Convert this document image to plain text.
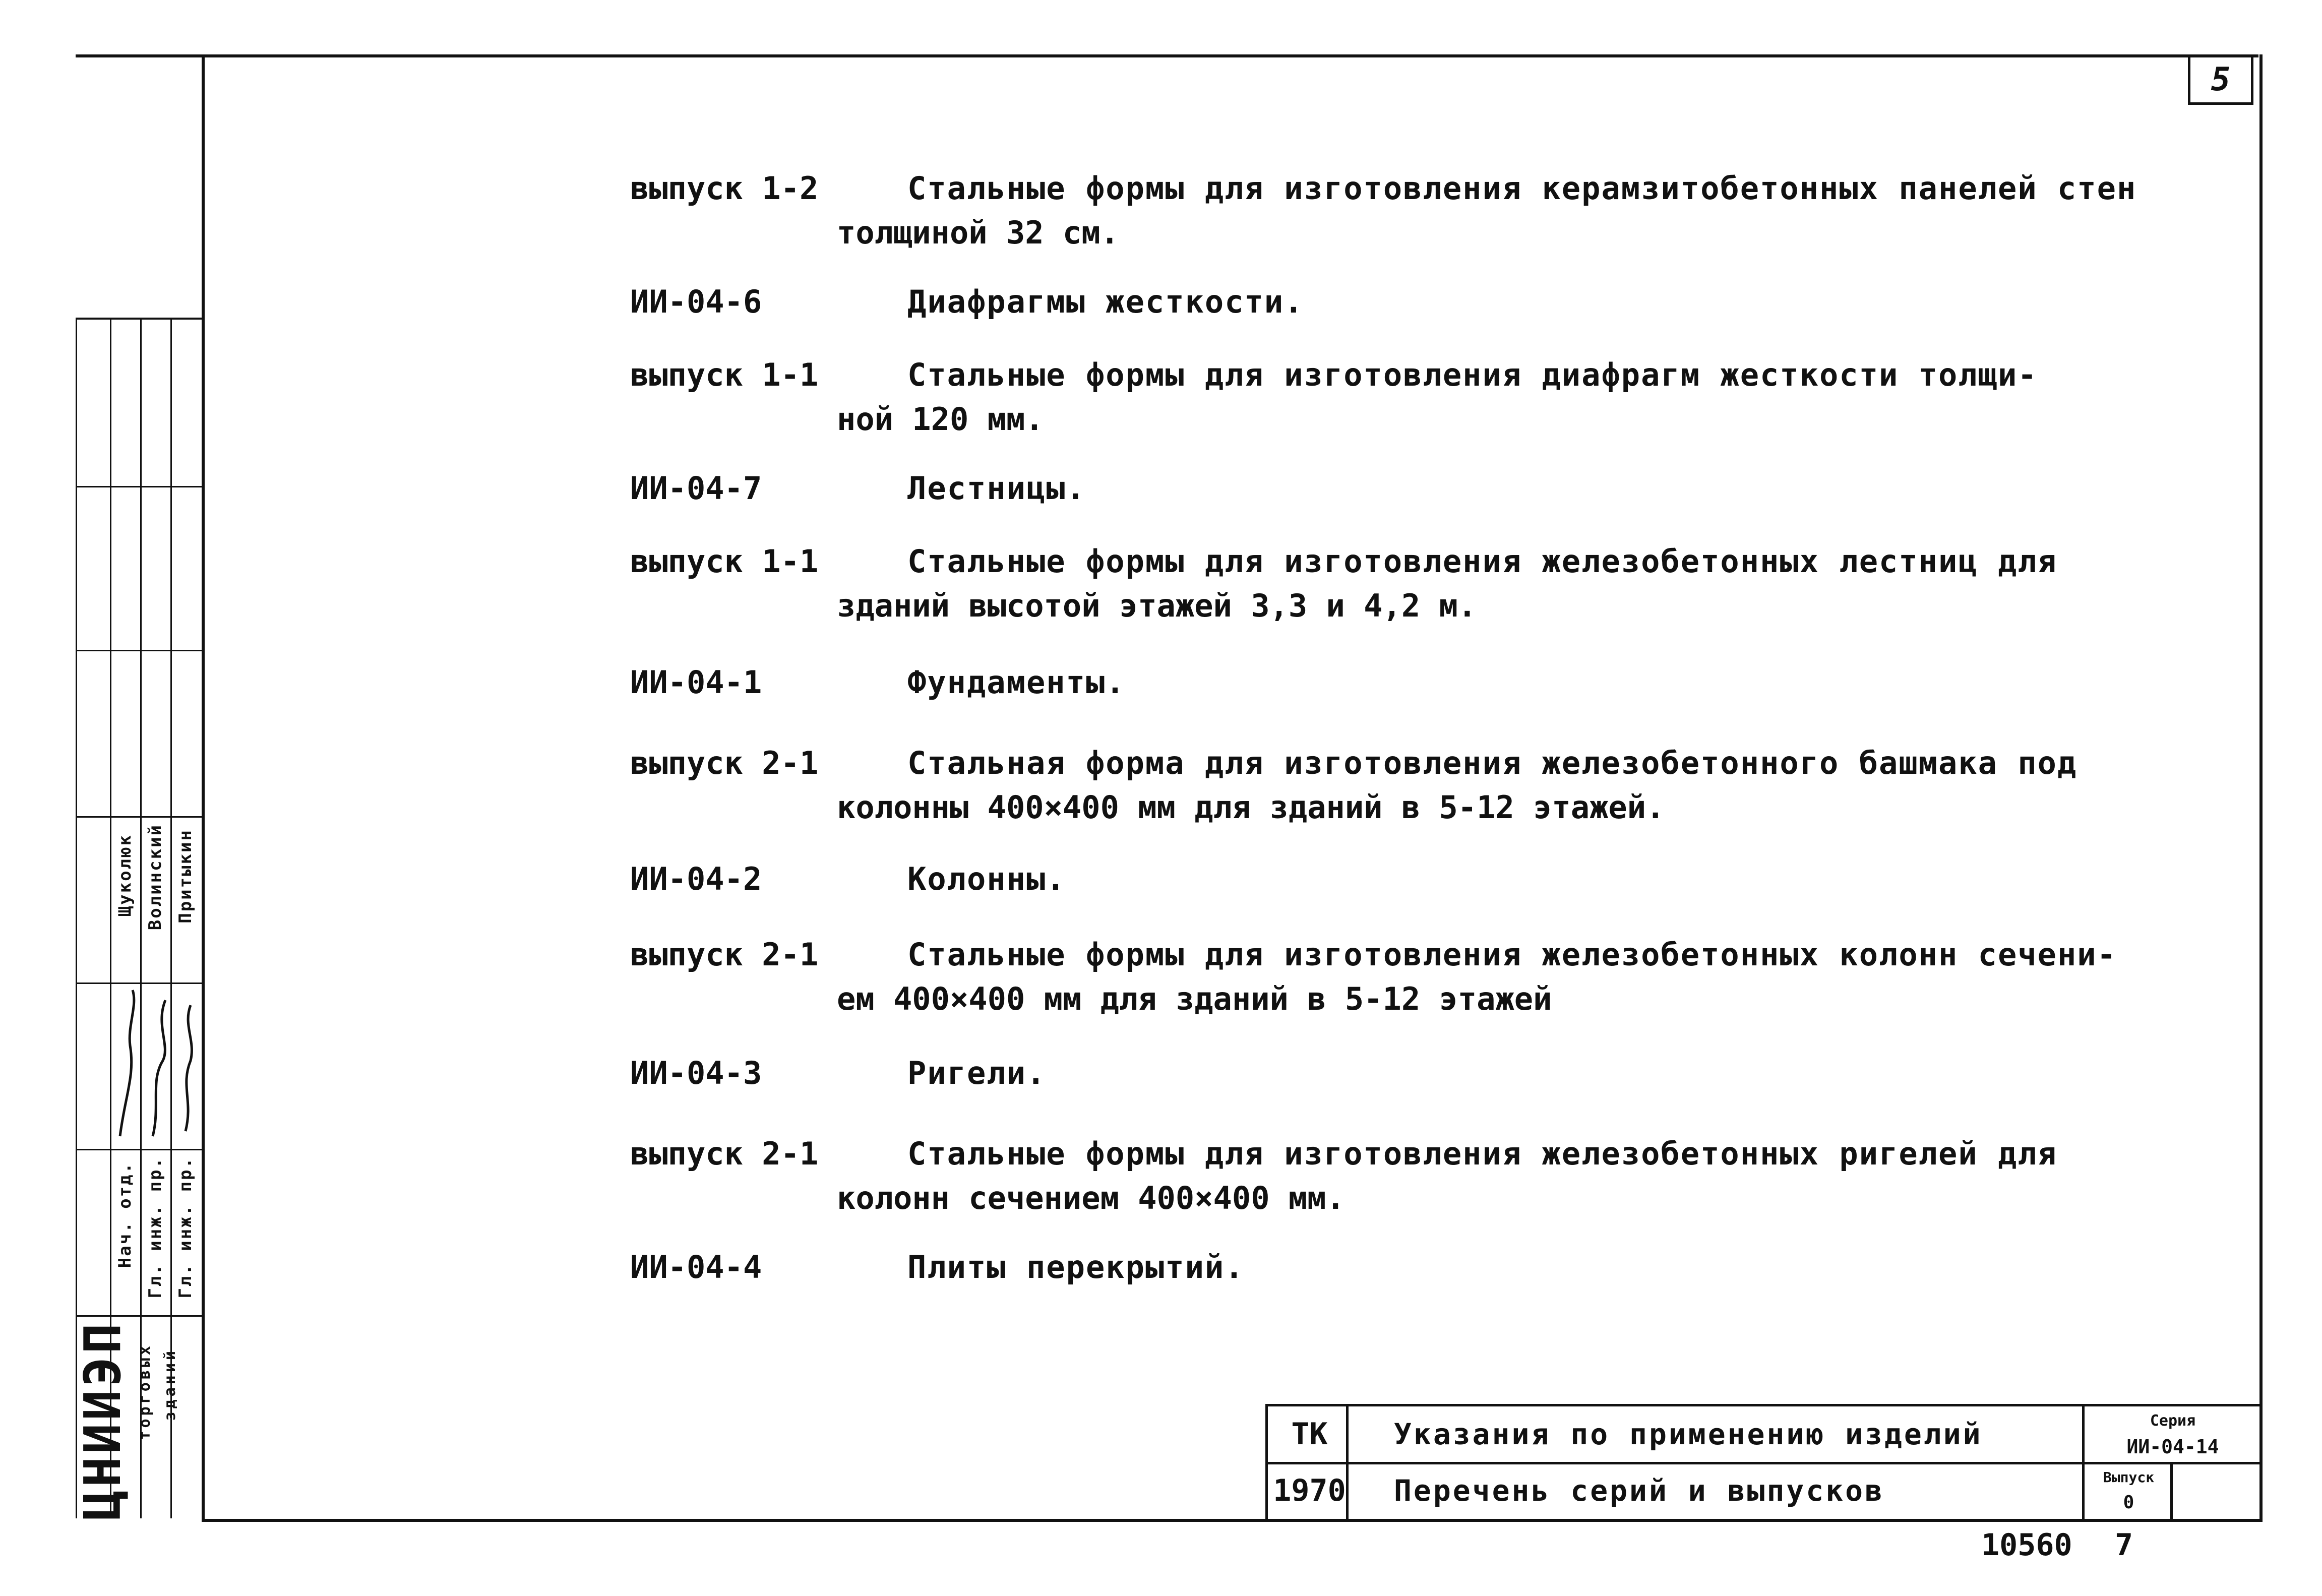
5
выпуск 1-2	Стальные формы для изготовления керамзитобетонных панелей стен
толщиной 32 см.
ИИ-04-6	Диафрагмы жесткости.
выпуск 1-1	Стальные формы для изготовления диафрагм жесткости толщи-
ной 120 мм.
ИИ-04-7	Лестницы.
выпуск 1-1	Стальные формы для изготовления железобетонных лестниц для
зданий высотой этажей 3,3 и 4,2 м.
ИИ-04-1	Фундаменты.
выпуск 2-1	Стальная форма для изготовления железобетонного башмака под
колонны 400×400 мм для зданий в 5-12 этажей.
ИИ-04-2	Колонны.
выпуск 2-1	Стальные формы для изготовления железобетонных колонн сечени-
ем 400×400 мм для зданий в 5-12 этажей
ИИ-04-3	Ригели.
выпуск 2-1	Стальные формы для изготовления железобетонных ригелей для
колонн сечением 400×400 мм.
ИИ-04-4	Плиты перекрытий.
Щуколюк Волинский Притыкин
Нач. отд. Гл. инж. пр. Гл. инж. пр.
ЦНИИЭП торговых зданий
ТК
1970
Указания по применению изделий
Перечень серий и выпусков
Серия
ИИ-04-14
Выпуск
0
10560 7
